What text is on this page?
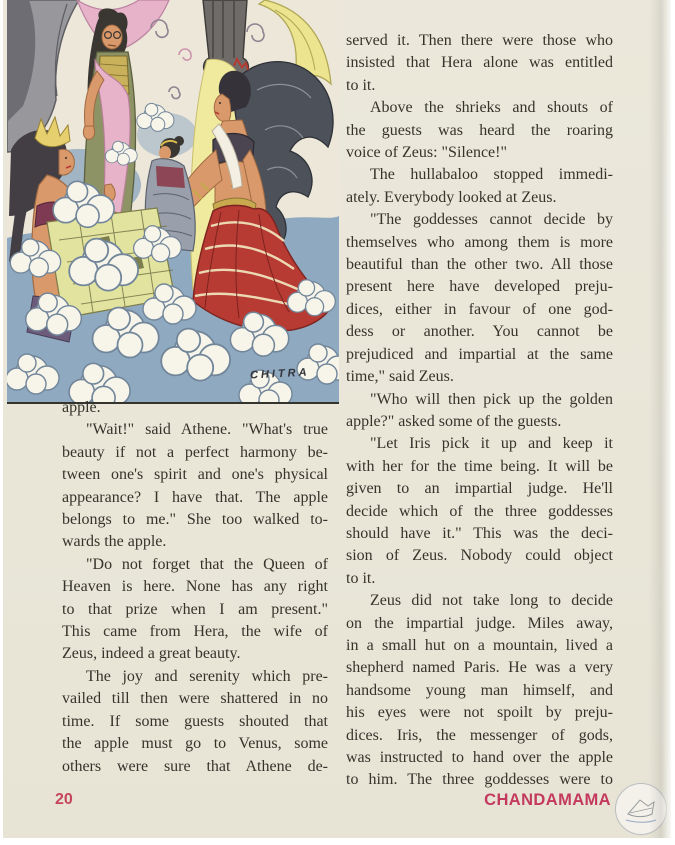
CHITRA
apple.
"Wait!" said Athene. "What's true
beauty if not a perfect harmony be-
tween one's spirit and one's physical
appearance? I have that. The apple
belongs to me." She too walked to-
wards the apple.
"Do not forget that the Queen of
Heaven is here. None has any right
to that prize when I am present."
This came from Hera, the wife of
Zeus, indeed a great beauty.
The joy and serenity which pre-
vailed till then were shattered in no
time. If some guests shouted that
the apple must go to Venus, some
others were sure that Athene de-
served it. Then there were those who
insisted that Hera alone was entitled
to it.
Above the shrieks and shouts of
the guests was heard the roaring
voice of Zeus: "Silence!"
The hullabaloo stopped immedi-
ately. Everybody looked at Zeus.
"The goddesses cannot decide by
themselves who among them is more
beautiful than the other two. All those
present here have developed preju-
dices, either in favour of one god-
dess or another. You cannot be
prejudiced and impartial at the same
time," said Zeus.
"Who will then pick up the golden
apple?" asked some of the guests.
"Let Iris pick it up and keep it
with her for the time being. It will be
given to an impartial judge. He'll
decide which of the three goddesses
should have it." This was the deci-
sion of Zeus. Nobody could object
to it.
Zeus did not take long to decide
on the impartial judge. Miles away,
in a small hut on a mountain, lived a
shepherd named Paris. He was a very
handsome young man himself, and
his eyes were not spoilt by preju-
dices. Iris, the messenger of gods,
was instructed to hand over the apple
to him. The three goddesses were to
20	CHANDAMAMA
